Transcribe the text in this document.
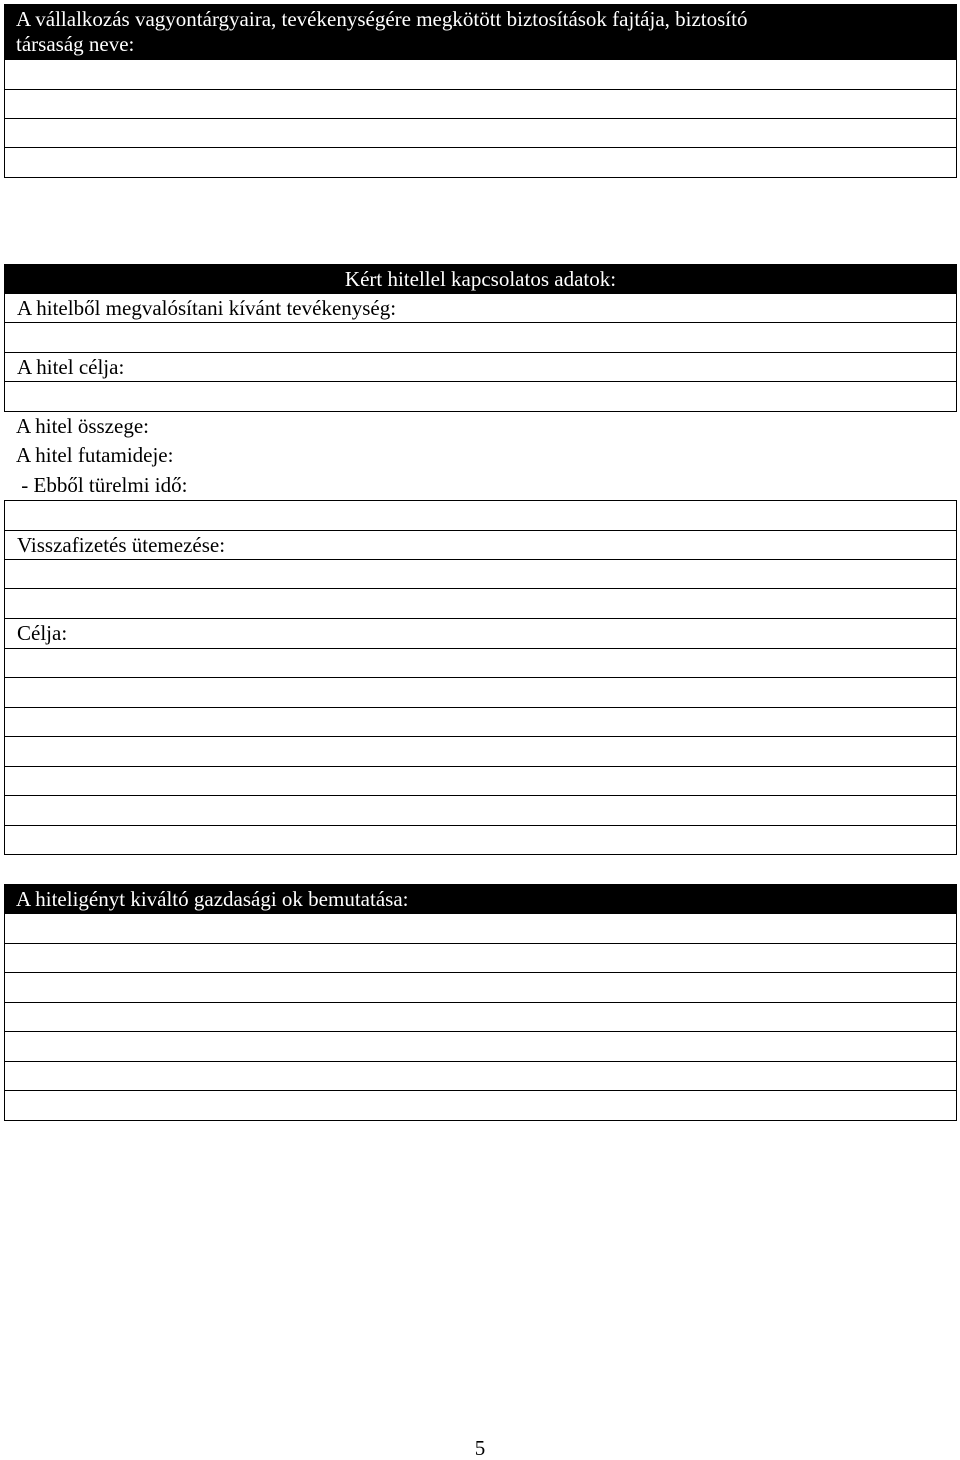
A vállalkozás vagyontárgyaira, tevékenységére megkötött biztosítások fajtája, biztosító
társaság neve:
Kért hitellel kapcsolatos adatok:
A hitelből megvalósítani kívánt tevékenység:
A hitel célja:
A hitel összege:
A hitel futamideje:
- Ebből türelmi idő:
Visszafizetés ütemezése:
Célja:
A hiteligényt kiváltó gazdasági ok bemutatása:
5
